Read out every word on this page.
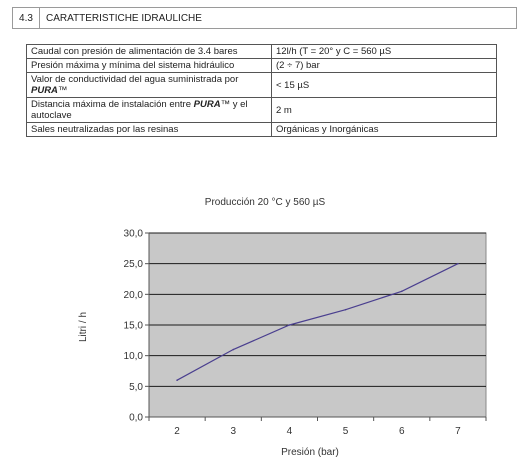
4.3	CARATTERISTICHE IDRAULICHE
Caudal con presión de alimentación de 3.4 bares	12l/h (T = 20° y C = 560 µS
Presión máxima y mínima del sistema hidráulico	(2 ÷ 7) bar
Valor de conductividad del agua suministrada por PURA™	< 15 µS
Distancia máxima de instalación entre PURA™ y el autoclave	2 m
Sales neutralizadas por las resinas	Orgánicas y Inorgánicas
0,0
5,0
10,0
15,0
20,0
25,0
30,0
2	3	4	5	6	7
Producción 20 °C y 560 µS
Presión (bar)
Litri / h
